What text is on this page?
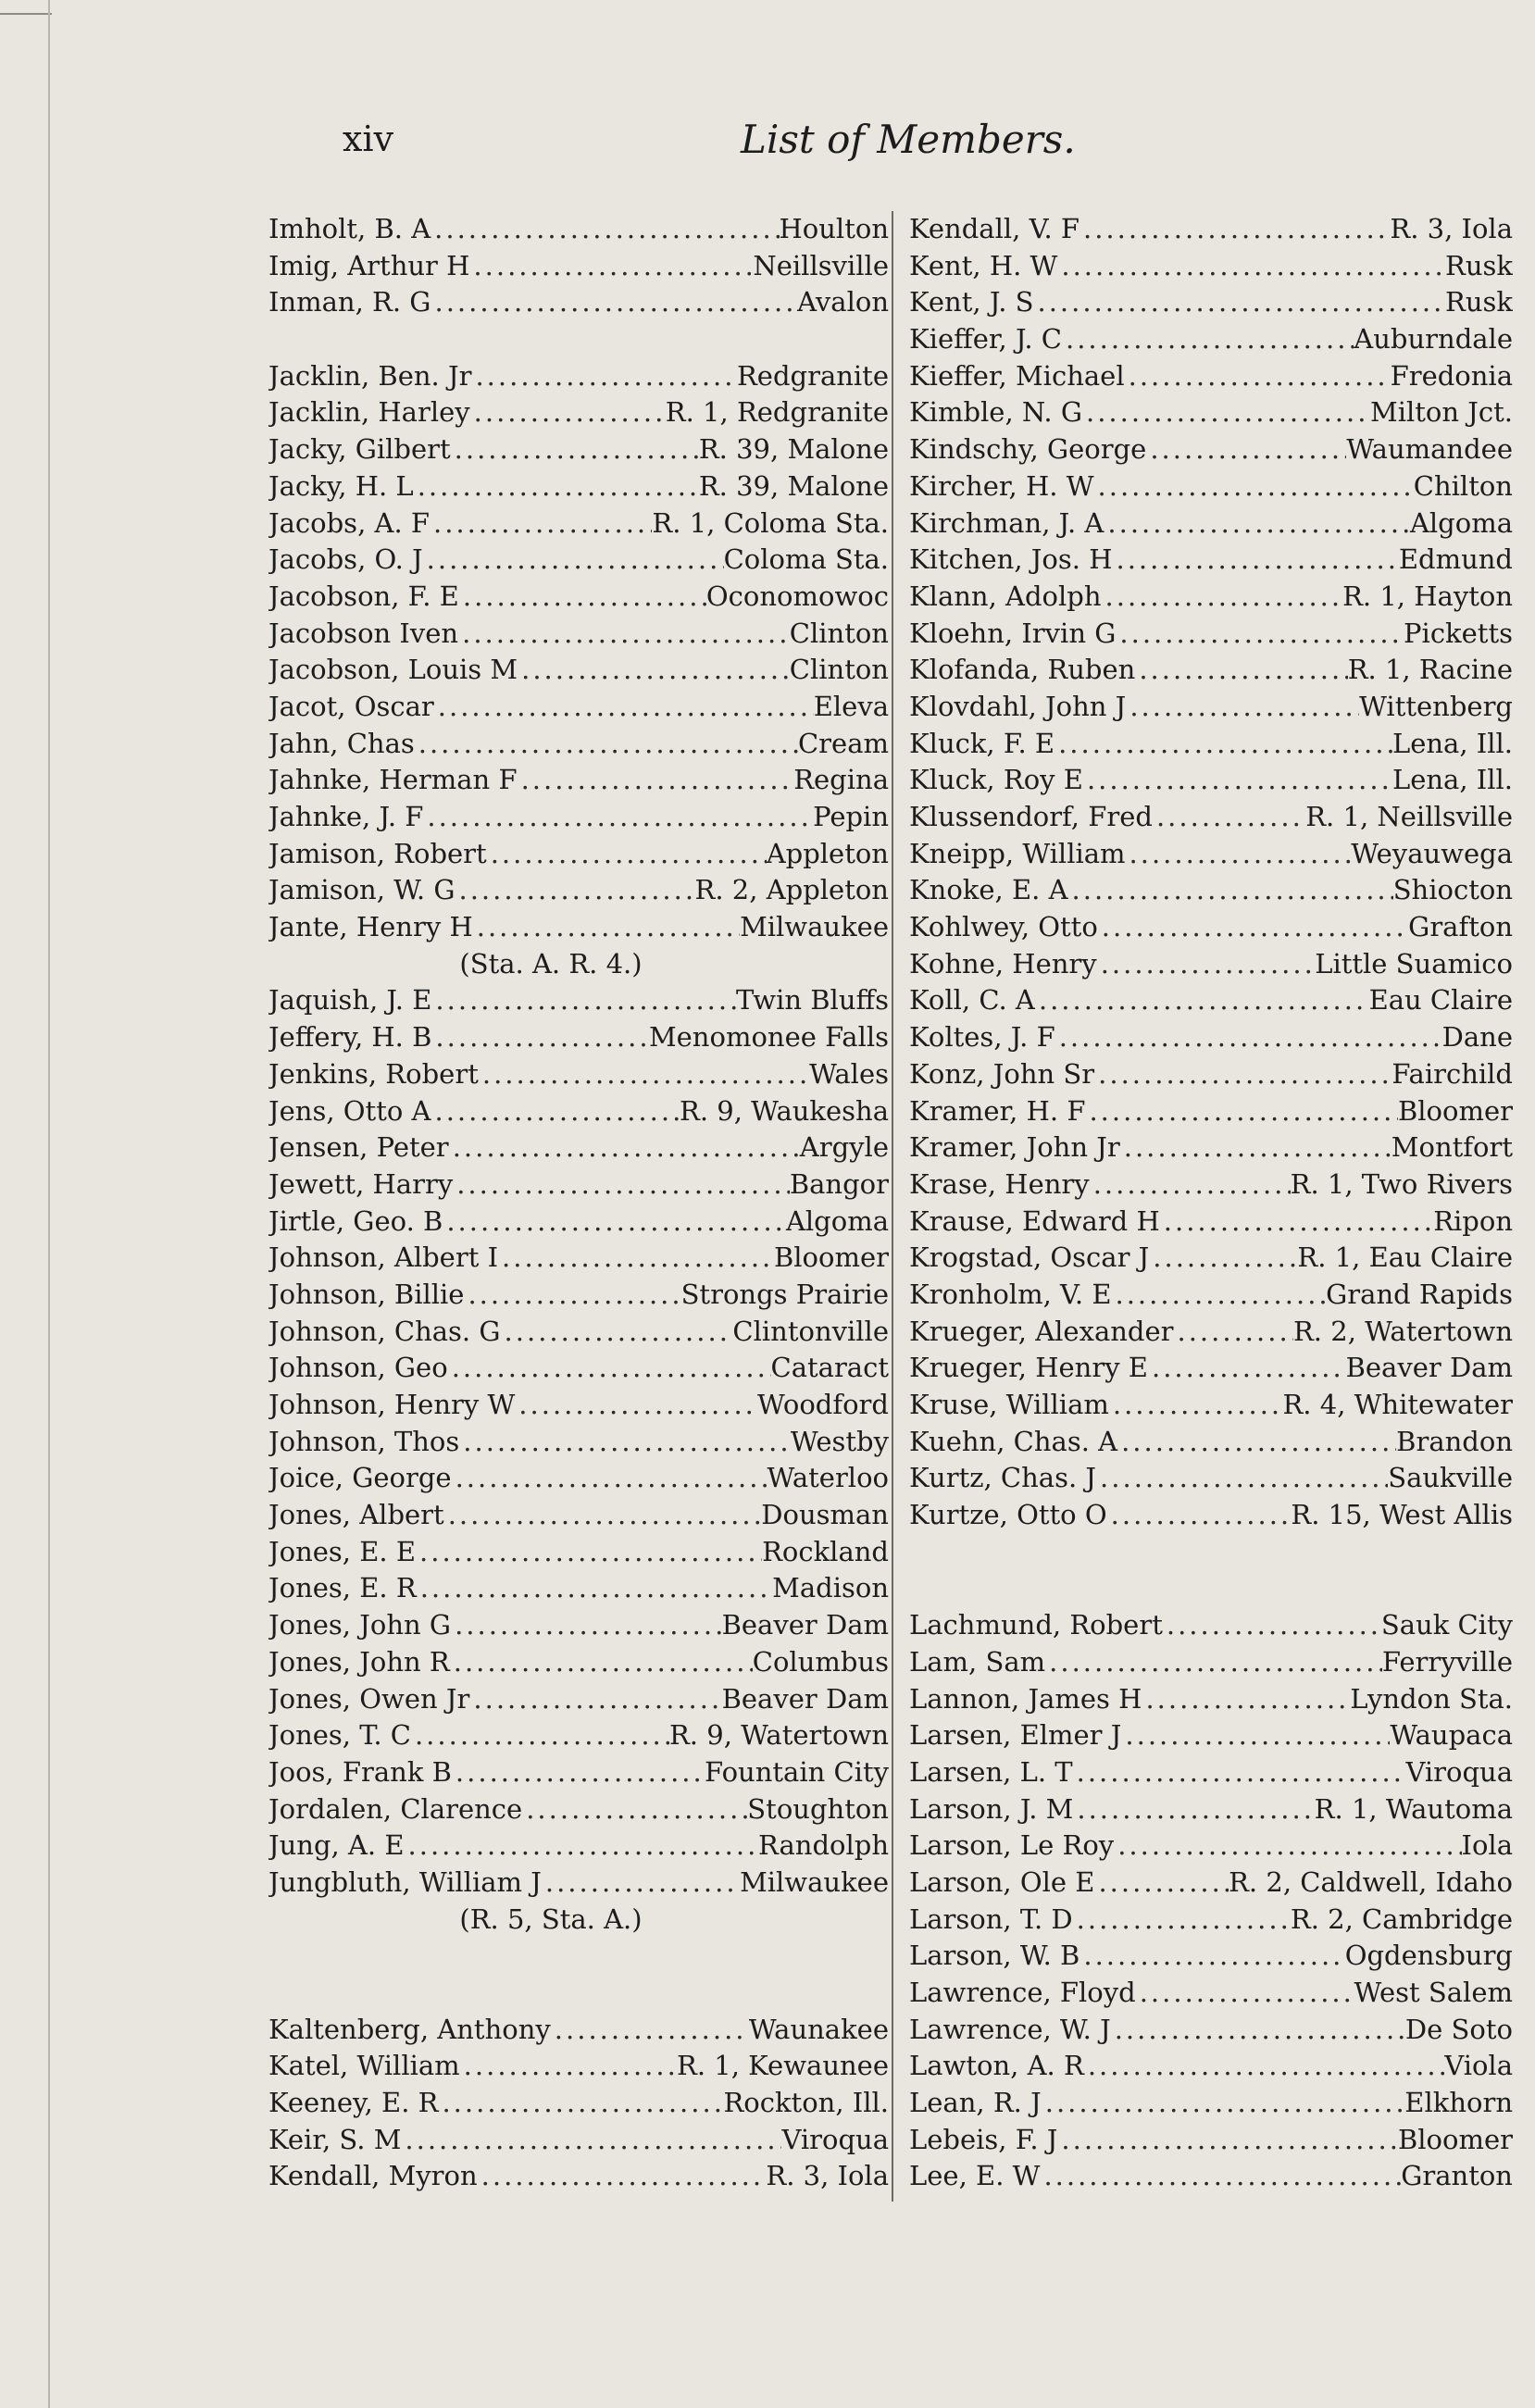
xiv	List of Members.
Imholt, B. A .....	Houlton
Imig, Arthur H .....	Neillsville
Inman, R. G .....	Avalon
Jacklin, Ben. Jr .....	Redgranite
Jacklin, Harley .....	R. 1, Redgranite
Jacky, Gilbert .....	R. 39, Malone
Jacky, H. L .....	R. 39, Malone
Jacobs, A. F .....	R. 1, Coloma Sta.
Jacobs, O. J .....	Coloma Sta.
Jacobson, F. E .....	Oconomowoc
Jacobson Iven .....	Clinton
Jacobson, Louis M .....	Clinton
Jacot, Oscar .....	Eleva
Jahn, Chas .....	Cream
Jahnke, Herman F .....	Regina
Jahnke, J. F .....	Pepin
Jamison, Robert .....	Appleton
Jamison, W. G .....	R. 2, Appleton
Jante, Henry H .....	Milwaukee
(Sta. A. R. 4.)
Jaquish, J. E .....	Twin Bluffs
Jeffery, H. B .....	Menomonee Falls
Jenkins, Robert .....	Wales
Jens, Otto A .....	R. 9, Waukesha
Jensen, Peter .....	Argyle
Jewett, Harry .....	Bangor
Jirtle, Geo. B .....	Algoma
Johnson, Albert I .....	Bloomer
Johnson, Billie .....	Strongs Prairie
Johnson, Chas. G .....	Clintonville
Johnson, Geo .....	Cataract
Johnson, Henry W .....	Woodford
Johnson, Thos .....	Westby
Joice, George .....	Waterloo
Jones, Albert .....	Dousman
Jones, E. E .....	Rockland
Jones, E. R .....	Madison
Jones, John G .....	Beaver Dam
Jones, John R .....	Columbus
Jones, Owen Jr .....	Beaver Dam
Jones, T. C .....	R. 9, Watertown
Joos, Frank B .....	Fountain City
Jordalen, Clarence .....	Stoughton
Jung, A. E .....	Randolph
Jungbluth, William J .....	Milwaukee
(R. 5, Sta. A.)
Kaltenberg, Anthony .....	Waunakee
Katel, William .....	R. 1, Kewaunee
Keeney, E. R .....	Rockton, Ill.
Keir, S. M .....	Viroqua
Kendall, Myron .....	R. 3, Iola
Kendall, V. F .....	R. 3, Iola
Kent, H. W .....	Rusk
Kent, J. S .....	Rusk
Kieffer, J. C .....	Auburndale
Kieffer, Michael .....	Fredonia
Kimble, N. G .....	Milton Jct.
Kindschy, George .....	Waumandee
Kircher, H. W .....	Chilton
Kirchman, J. A .....	Algoma
Kitchen, Jos. H .....	Edmund
Klann, Adolph .....	R. 1, Hayton
Kloehn, Irvin G .....	Picketts
Klofanda, Ruben .....	R. 1, Racine
Klovdahl, John J .....	Wittenberg
Kluck, F. E .....	Lena, Ill.
Kluck, Roy E .....	Lena, Ill.
Klussendorf, Fred .....	R. 1, Neillsville
Kneipp, William .....	Weyauwega
Knoke, E. A .....	Shiocton
Kohlwey, Otto .....	Grafton
Kohne, Henry .....	Little Suamico
Koll, C. A .....	Eau Claire
Koltes, J. F .....	Dane
Konz, John Sr .....	Fairchild
Kramer, H. F .....	Bloomer
Kramer, John Jr .....	Montfort
Krase, Henry .....	R. 1, Two Rivers
Krause, Edward H .....	Ripon
Krogstad, Oscar J .....	R. 1, Eau Claire
Kronholm, V. E .....	Grand Rapids
Krueger, Alexander .....	R. 2, Watertown
Krueger, Henry E .....	Beaver Dam
Kruse, William .....	R. 4, Whitewater
Kuehn, Chas. A .....	Brandon
Kurtz, Chas. J .....	Saukville
Kurtze, Otto O .....	R. 15, West Allis
Lachmund, Robert .....	Sauk City
Lam, Sam .....	Ferryville
Lannon, James H .....	Lyndon Sta.
Larsen, Elmer J .....	Waupaca
Larsen, L. T .....	Viroqua
Larson, J. M .....	R. 1, Wautoma
Larson, Le Roy .....	Iola
Larson, Ole E .....	R. 2, Caldwell, Idaho
Larson, T. D .....	R. 2, Cambridge
Larson, W. B .....	Ogdensburg
Lawrence, Floyd .....	West Salem
Lawrence, W. J .....	De Soto
Lawton, A. R .....	Viola
Lean, R. J .....	Elkhorn
Lebeis, F. J .....	Bloomer
Lee, E. W .....	Granton
